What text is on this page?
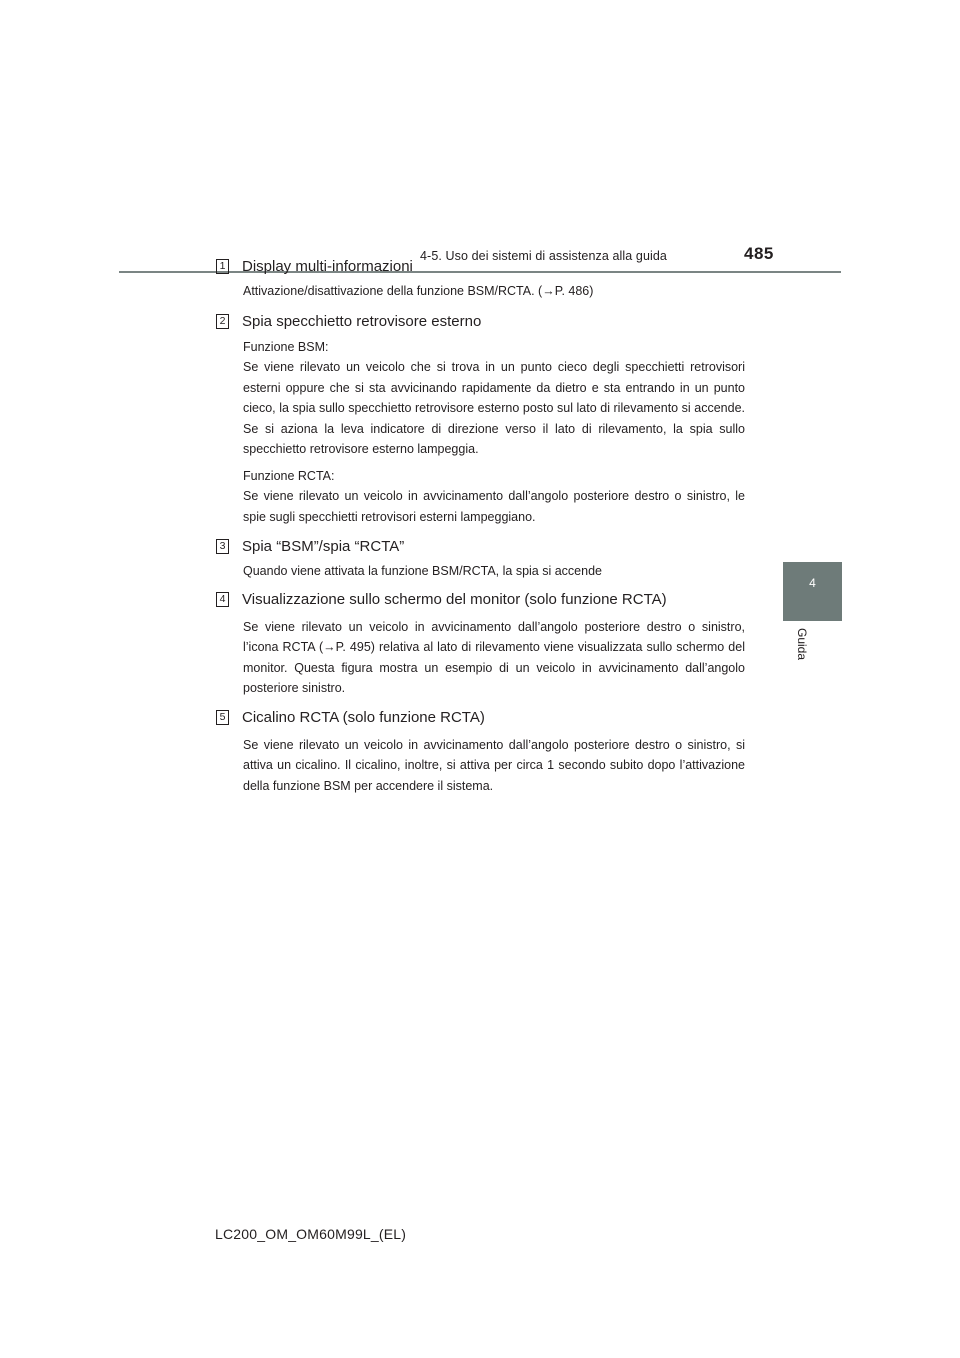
4-5. Uso dei sistemi di assistenza alla guida	485
4
Guida
1 Display multi-informazioni

Attivazione/disattivazione della funzione BSM/RCTA. (→P. 486)

2 Spia specchietto retrovisore esterno

Funzione BSM:

Se viene rilevato un veicolo che si trova in un punto cieco degli specchietti retrovisori esterni oppure che si sta avvicinando rapidamente da dietro e sta entrando in un punto cieco, la spia sullo specchietto retrovisore esterno posto sul lato di rilevamento si accende. Se si aziona la leva indicatore di direzione verso il lato di rilevamento, la spia sullo specchietto retrovisore esterno lampeggia.

Funzione RCTA:

Se viene rilevato un veicolo in avvicinamento dall’angolo posteriore destro o sinistro, le spie sugli specchietti retrovisori esterni lampeggiano.

3 Spia “BSM”/spia “RCTA”

Quando viene attivata la funzione BSM/RCTA, la spia si accende

4 Visualizzazione sullo schermo del monitor (solo funzione RCTA)

Se viene rilevato un veicolo in avvicinamento dall’angolo posteriore destro o sinistro, l’icona RCTA (→P. 495) relativa al lato di rilevamento viene visualizzata sullo schermo del monitor. Questa figura mostra un esempio di un veicolo in avvicinamento dall’angolo posteriore sinistro.

5 Cicalino RCTA (solo funzione RCTA)

Se viene rilevato un veicolo in avvicinamento dall’angolo posteriore destro o sinistro, si attiva un cicalino. Il cicalino, inoltre, si attiva per circa 1 secondo subito dopo l’attivazione della funzione BSM per accendere il sistema.

LC200_OM_OM60M99L_(EL)
